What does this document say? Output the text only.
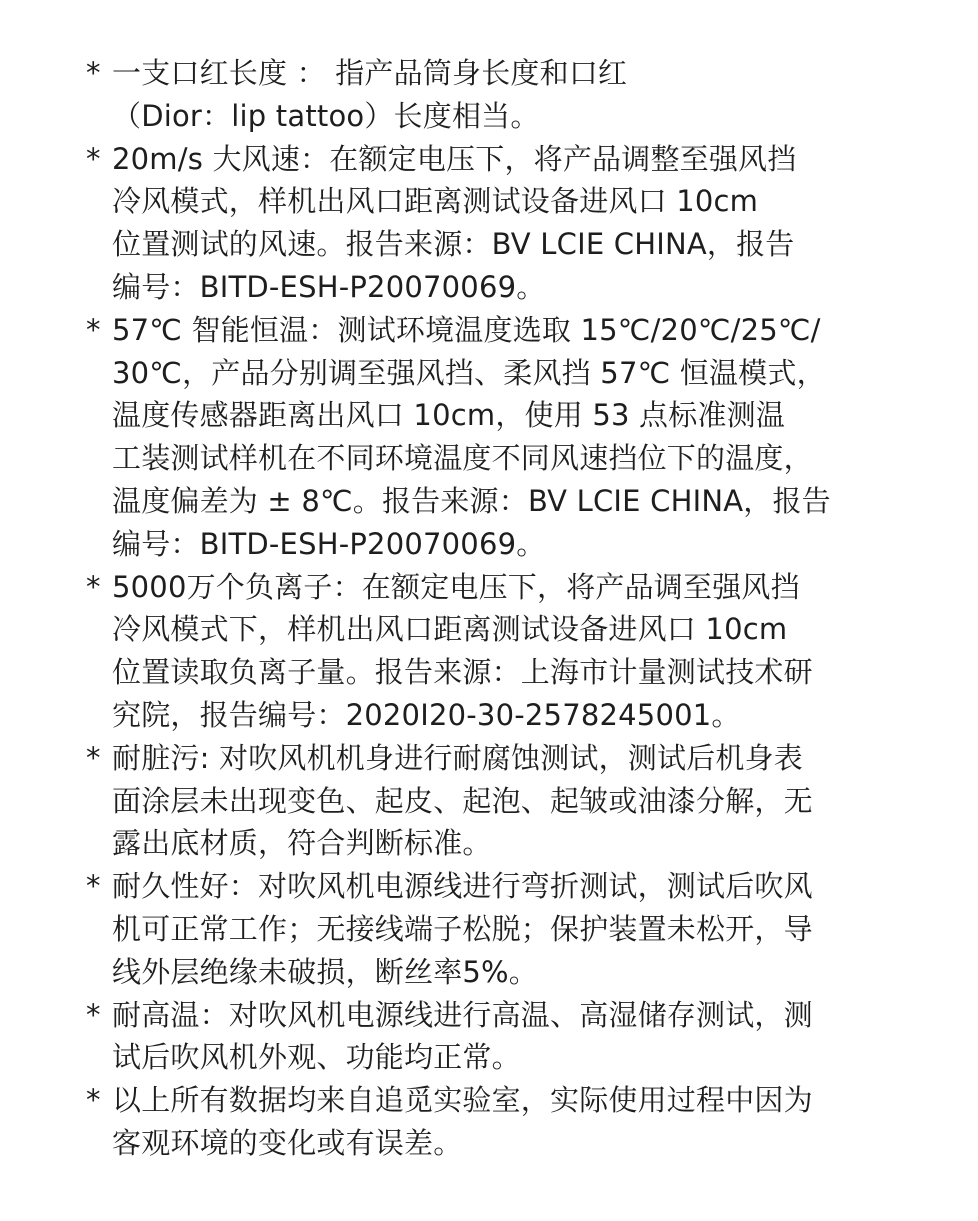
* 一支口红长度 ： 指产品筒身长度和口红
（Dior：lip tattoo）长度相当。
* 20m/s 大风速：在额定电压下，将产品调整至强风挡
冷风模式，样机出风口距离测试设备进风口 10cm
位置测试的风速。报告来源：BV LCIE CHINA，报告
编号：BITD-ESH-P20070069。
* 57℃ 智能恒温：测试环境温度选取 15℃/20℃/25℃/
30℃，产品分别调至强风挡、柔风挡 57℃ 恒温模式，
温度传感器距离出风口 10cm，使用 53 点标准测温
工装测试样机在不同环境温度不同风速挡位下的温度，
温度偏差为 ± 8℃。报告来源：BV LCIE CHINA，报告
编号：BITD-ESH-P20070069。
* 5000万个负离子：在额定电压下，将产品调至强风挡
冷风模式下，样机出风口距离测试设备进风口 10cm
位置读取负离子量。报告来源：上海市计量测试技术研
究院，报告编号：2020I20-30-2578245001。
* 耐脏污: 对吹风机机身进行耐腐蚀测试，测试后机身表
面涂层未出现变色、起皮、起泡、起皱或油漆分解，无
露出底材质，符合判断标准。
* 耐久性好：对吹风机电源线进行弯折测试，测试后吹风
机可正常工作；无接线端子松脱；保护装置未松开，导
线外层绝缘未破损，断丝率5%。
* 耐高温：对吹风机电源线进行高温、高湿储存测试，测
试后吹风机外观、功能均正常。
* 以上所有数据均来自追觅实验室，实际使用过程中因为
客观环境的变化或有误差。
